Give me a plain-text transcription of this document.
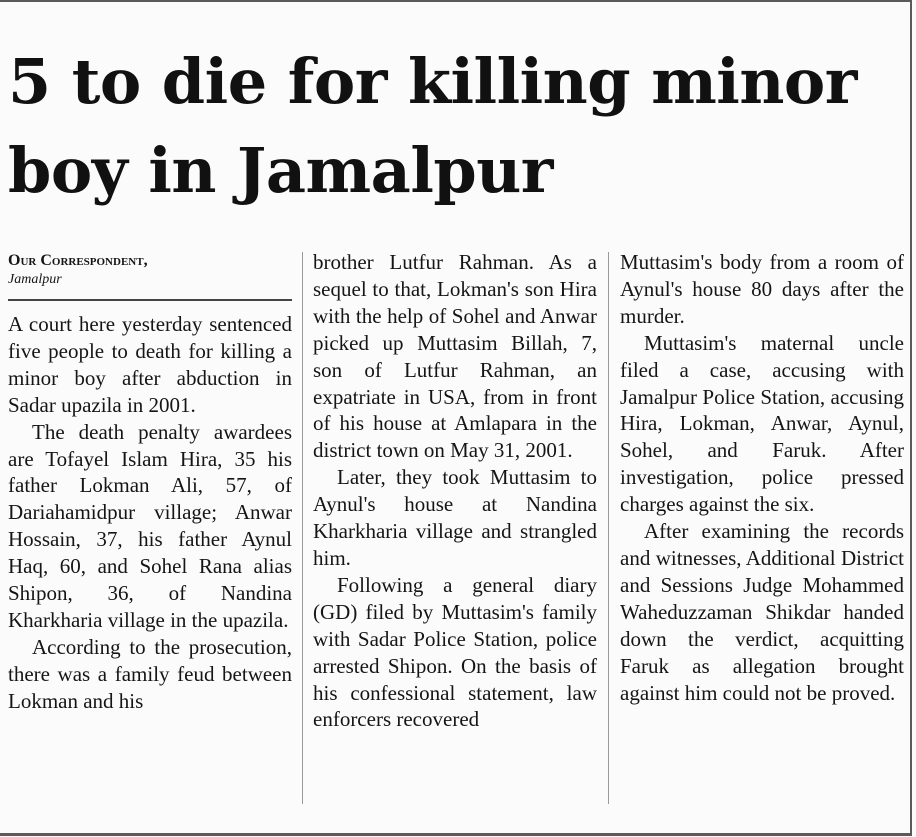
5 to die for killing minor boy in Jamalpur
Our Correspondent,
Jamalpur

A court here yesterday sentenced five people to death for killing a minor boy after abduction in Sadar upazila in 2001.

The death penalty awardees are Tofayel Islam Hira, 35 his father Lokman Ali, 57, of Dariahamidpur village; Anwar Hossain, 37, his father Aynul Haq, 60, and Sohel Rana alias Shipon, 36, of Nandina Kharkharia village in the upazila.

According to the prosecution, there was a family feud between Lokman and his

brother Lutfur Rahman. As a sequel to that, Lokman's son Hira with the help of Sohel and Anwar picked up Muttasim Billah, 7, son of Lutfur Rahman, an expatriate in USA, from in front of his house at Amlapara in the district town on May 31, 2001.

Later, they took Muttasim to Aynul's house at Nandina Kharkharia village and strangled him.

Following a general diary (GD) filed by Muttasim's family with Sadar Police Station, police arrested Shipon. On the basis of his confessional statement, law enforcers recovered

Muttasim's body from a room of Aynul's house 80 days after the murder.

Muttasim's maternal uncle filed a case, accusing with Jamalpur Police Station, accusing Hira, Lokman, Anwar, Aynul, Sohel, and Faruk. After investigation, police pressed charges against the six.

After examining the records and witnesses, Additional District and Sessions Judge Mohammed Waheduzzaman Shikdar handed down the verdict, acquitting Faruk as allegation brought against him could not be proved.
